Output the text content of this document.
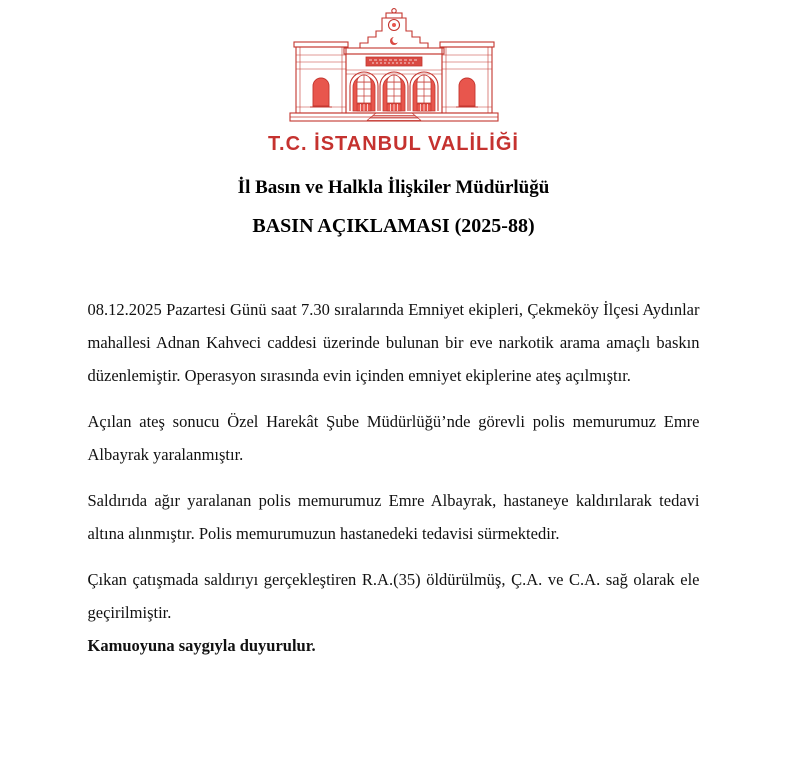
T.C. İSTANBUL VALİLİĞİ
İl Basın ve Halkla İlişkiler Müdürlüğü
BASIN AÇIKLAMASI (2025-88)

08.12.2025 Pazartesi Günü saat 7.30 sıralarında Emniyet ekipleri, Çekmeköy İlçesi Aydınlar mahallesi Adnan Kahveci caddesi üzerinde bulunan bir eve narkotik arama amaçlı baskın düzenlemiştir. Operasyon sırasında evin içinden emniyet ekiplerine ateş açılmıştır.

Açılan ateş sonucu Özel Harekât Şube Müdürlüğü’nde görevli polis memurumuz Emre Albayrak yaralanmıştır.

Saldırıda ağır yaralanan polis memurumuz Emre Albayrak, hastaneye kaldırılarak tedavi altına alınmıştır. Polis memurumuzun hastanedeki tedavisi sürmektedir.

Çıkan çatışmada saldırıyı gerçekleştiren R.A.(35) öldürülmüş, Ç.A. ve C.A. sağ olarak ele geçirilmiştir.

Kamuoyuna saygıyla duyurulur.
